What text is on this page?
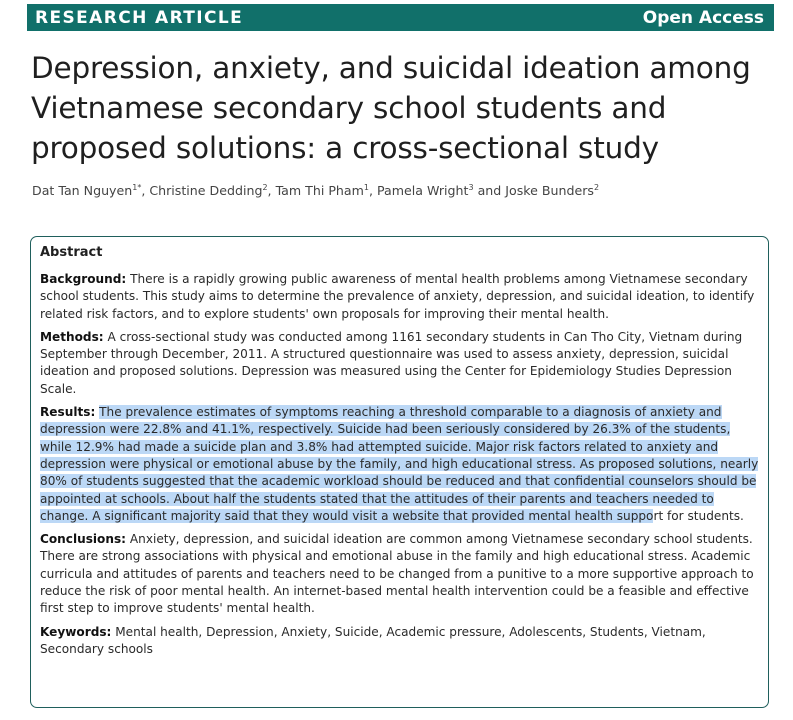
RESEARCH ARTICLE	Open Access
Depression, anxiety, and suicidal ideation among Vietnamese secondary school students and proposed solutions: a cross-sectional study
Dat Tan Nguyen$^{1*}$, Christine Dedding$^2$, Tam Thi Pham$^1$, Pamela Wright$^3$ and Joske Bunders$^2$
Abstract

Background: There is a rapidly growing public awareness of mental health problems among Vietnamese secondary school students. This study aims to determine the prevalence of anxiety, depression, and suicidal ideation, to identify related risk factors, and to explore students' own proposals for improving their mental health.

Methods: A cross-sectional study was conducted among 1161 secondary students in Can Tho City, Vietnam during September through December, 2011. A structured questionnaire was used to assess anxiety, depression, suicidal ideation and proposed solutions. Depression was measured using the Center for Epidemiology Studies Depression Scale.

Results: The prevalence estimates of symptoms reaching a threshold comparable to a diagnosis of anxiety and depression were 22.8% and 41.1%, respectively. Suicide had been seriously considered by 26.3% of the students, while 12.9% had made a suicide plan and 3.8% had attempted suicide. Major risk factors related to anxiety and depression were physical or emotional abuse by the family, and high educational stress. As proposed solutions, nearly 80% of students suggested that the academic workload should be reduced and that confidential counselors should be appointed at schools. About half the students stated that the attitudes of their parents and teachers needed to change. A significant majority said that they would visit a website that provided mental health support for students.

Conclusions: Anxiety, depression, and suicidal ideation are common among Vietnamese secondary school students. There are strong associations with physical and emotional abuse in the family and high educational stress. Academic curricula and attitudes of parents and teachers need to be changed from a punitive to a more supportive approach to reduce the risk of poor mental health. An internet-based mental health intervention could be a feasible and effective first step to improve students' mental health.

Keywords: Mental health, Depression, Anxiety, Suicide, Academic pressure, Adolescents, Students, Vietnam, Secondary schools
